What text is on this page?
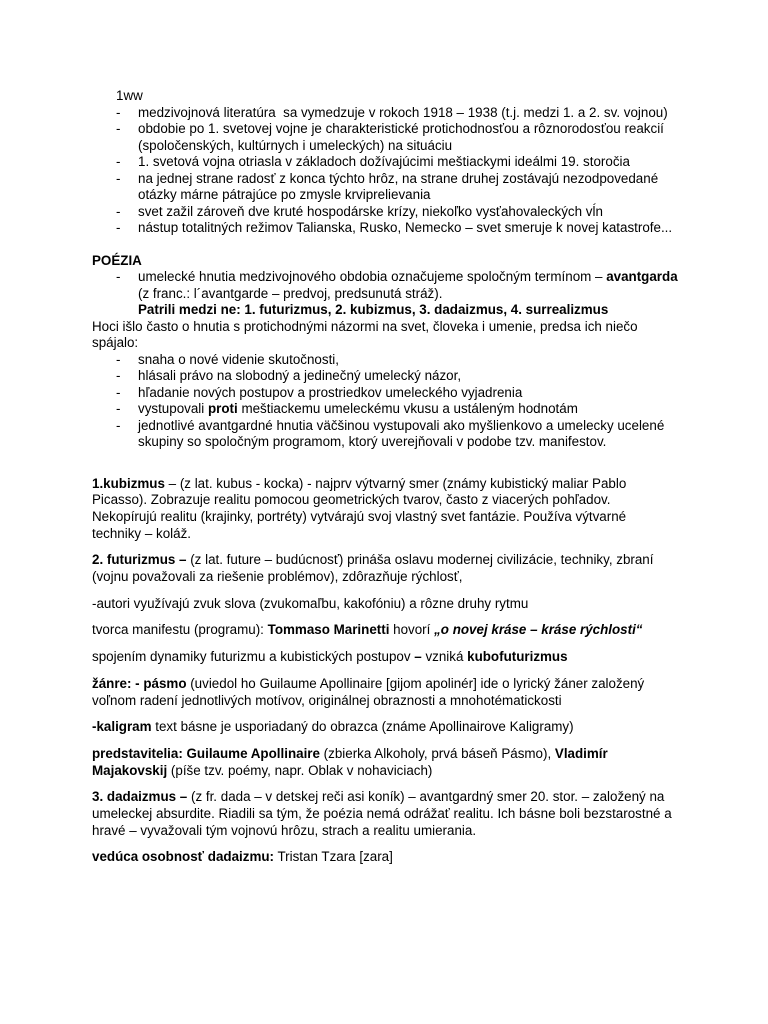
1ww
-	medzivojnová literatúra  sa vymedzuje v rokoch 1918 – 1938 (t.j. medzi 1. a 2. sv. vojnou)
-	obdobie po 1. svetovej vojne je charakteristické protichodnosťou a rôznorodosťou reakcií (spoločenských, kultúrnych i umeleckých) na situáciu
-	1. svetová vojna otriasla v základoch dožívajúcimi meštiackymi ideálmi 19. storočia
-	na jednej strane radosť z konca týchto hrôz, na strane druhej zostávajú nezodpovedané otázky márne pátrajúce po zmysle krviprelievania
-	svet zažil zároveň dve kruté hospodárske krízy, niekoľko vysťahovaleckých vĺn
-	nástup totalitných režimov Talianska, Rusko, Nemecko – svet smeruje k novej katastrofe...
POÉZIA
-	umelecké hnutia medzivojnového obdobia označujeme spoločným termínom – avantgarda (z franc.: l´avantgarde – predvoj, predsunutá stráž).
Patrili medzi ne: 1. futurizmus, 2. kubizmus, 3. dadaizmus, 4. surrealizmus
Hoci išlo často o hnutia s protichodnými názormi na svet, človeka i umenie, predsa ich niečo spájalo:
-	snaha o nové videnie skutočnosti,
-	hlásali právo na slobodný a jedinečný umelecký názor,
-	hľadanie nových postupov a prostriedkov umeleckého vyjadrenia
-	vystupovali proti meštiackemu umeleckému vkusu a ustáleným hodnotám
-	jednotlivé avantgardné hnutia väčšinou vystupovali ako myšlienkovo a umelecky ucelené skupiny so spoločným programom, ktorý uverejňovali v podobe tzv. manifestov.

1.kubizmus – (z lat. kubus - kocka) - najprv výtvarný smer (známy kubistický maliar Pablo Picasso). Zobrazuje realitu pomocou geometrických tvarov, často z viacerých pohľadov. Nekopírujú realitu (krajinky, portréty) vytvárajú svoj vlastný svet fantázie. Používa výtvarné techniky – koláž.

2. futurizmus – (z lat. future – budúcnosť) prináša oslavu modernej civilizácie, techniky, zbraní (vojnu považovali za riešenie problémov), zdôrazňuje rýchlosť,

-autori využívajú zvuk slova (zvukomaľbu, kakofóniu) a rôzne druhy rytmu

tvorca manifestu (programu): Tommaso Marinetti hovorí „o novej kráse – kráse rýchlosti“

spojením dynamiky futurizmu a kubistických postupov – vzniká kubofuturizmus

žánre: - pásmo (uviedol ho Guilaume Apollinaire [gijom apolinér] ide o lyrický žáner založený voľnom radení jednotlivých motívov, originálnej obraznosti a mnohotématickosti

-kaligram text básne je usporiadaný do obrazca (známe Apollinairove Kaligramy)

predstavitelia: Guilaume Apollinaire (zbierka Alkoholy, prvá báseň Pásmo), Vladimír Majakovskij (píše tzv. poémy, napr. Oblak v nohaviciach)

3. dadaizmus – (z fr. dada – v detskej reči asi koník) – avantgardný smer 20. stor. – založený na umeleckej absurdite. Riadili sa tým, že poézia nemá odrážať realitu. Ich básne boli bezstarostné a hravé – vyvažovali tým vojnovú hrôzu, strach a realitu umierania.

vedúca osobnosť dadaizmu: Tristan Tzara [zara]
